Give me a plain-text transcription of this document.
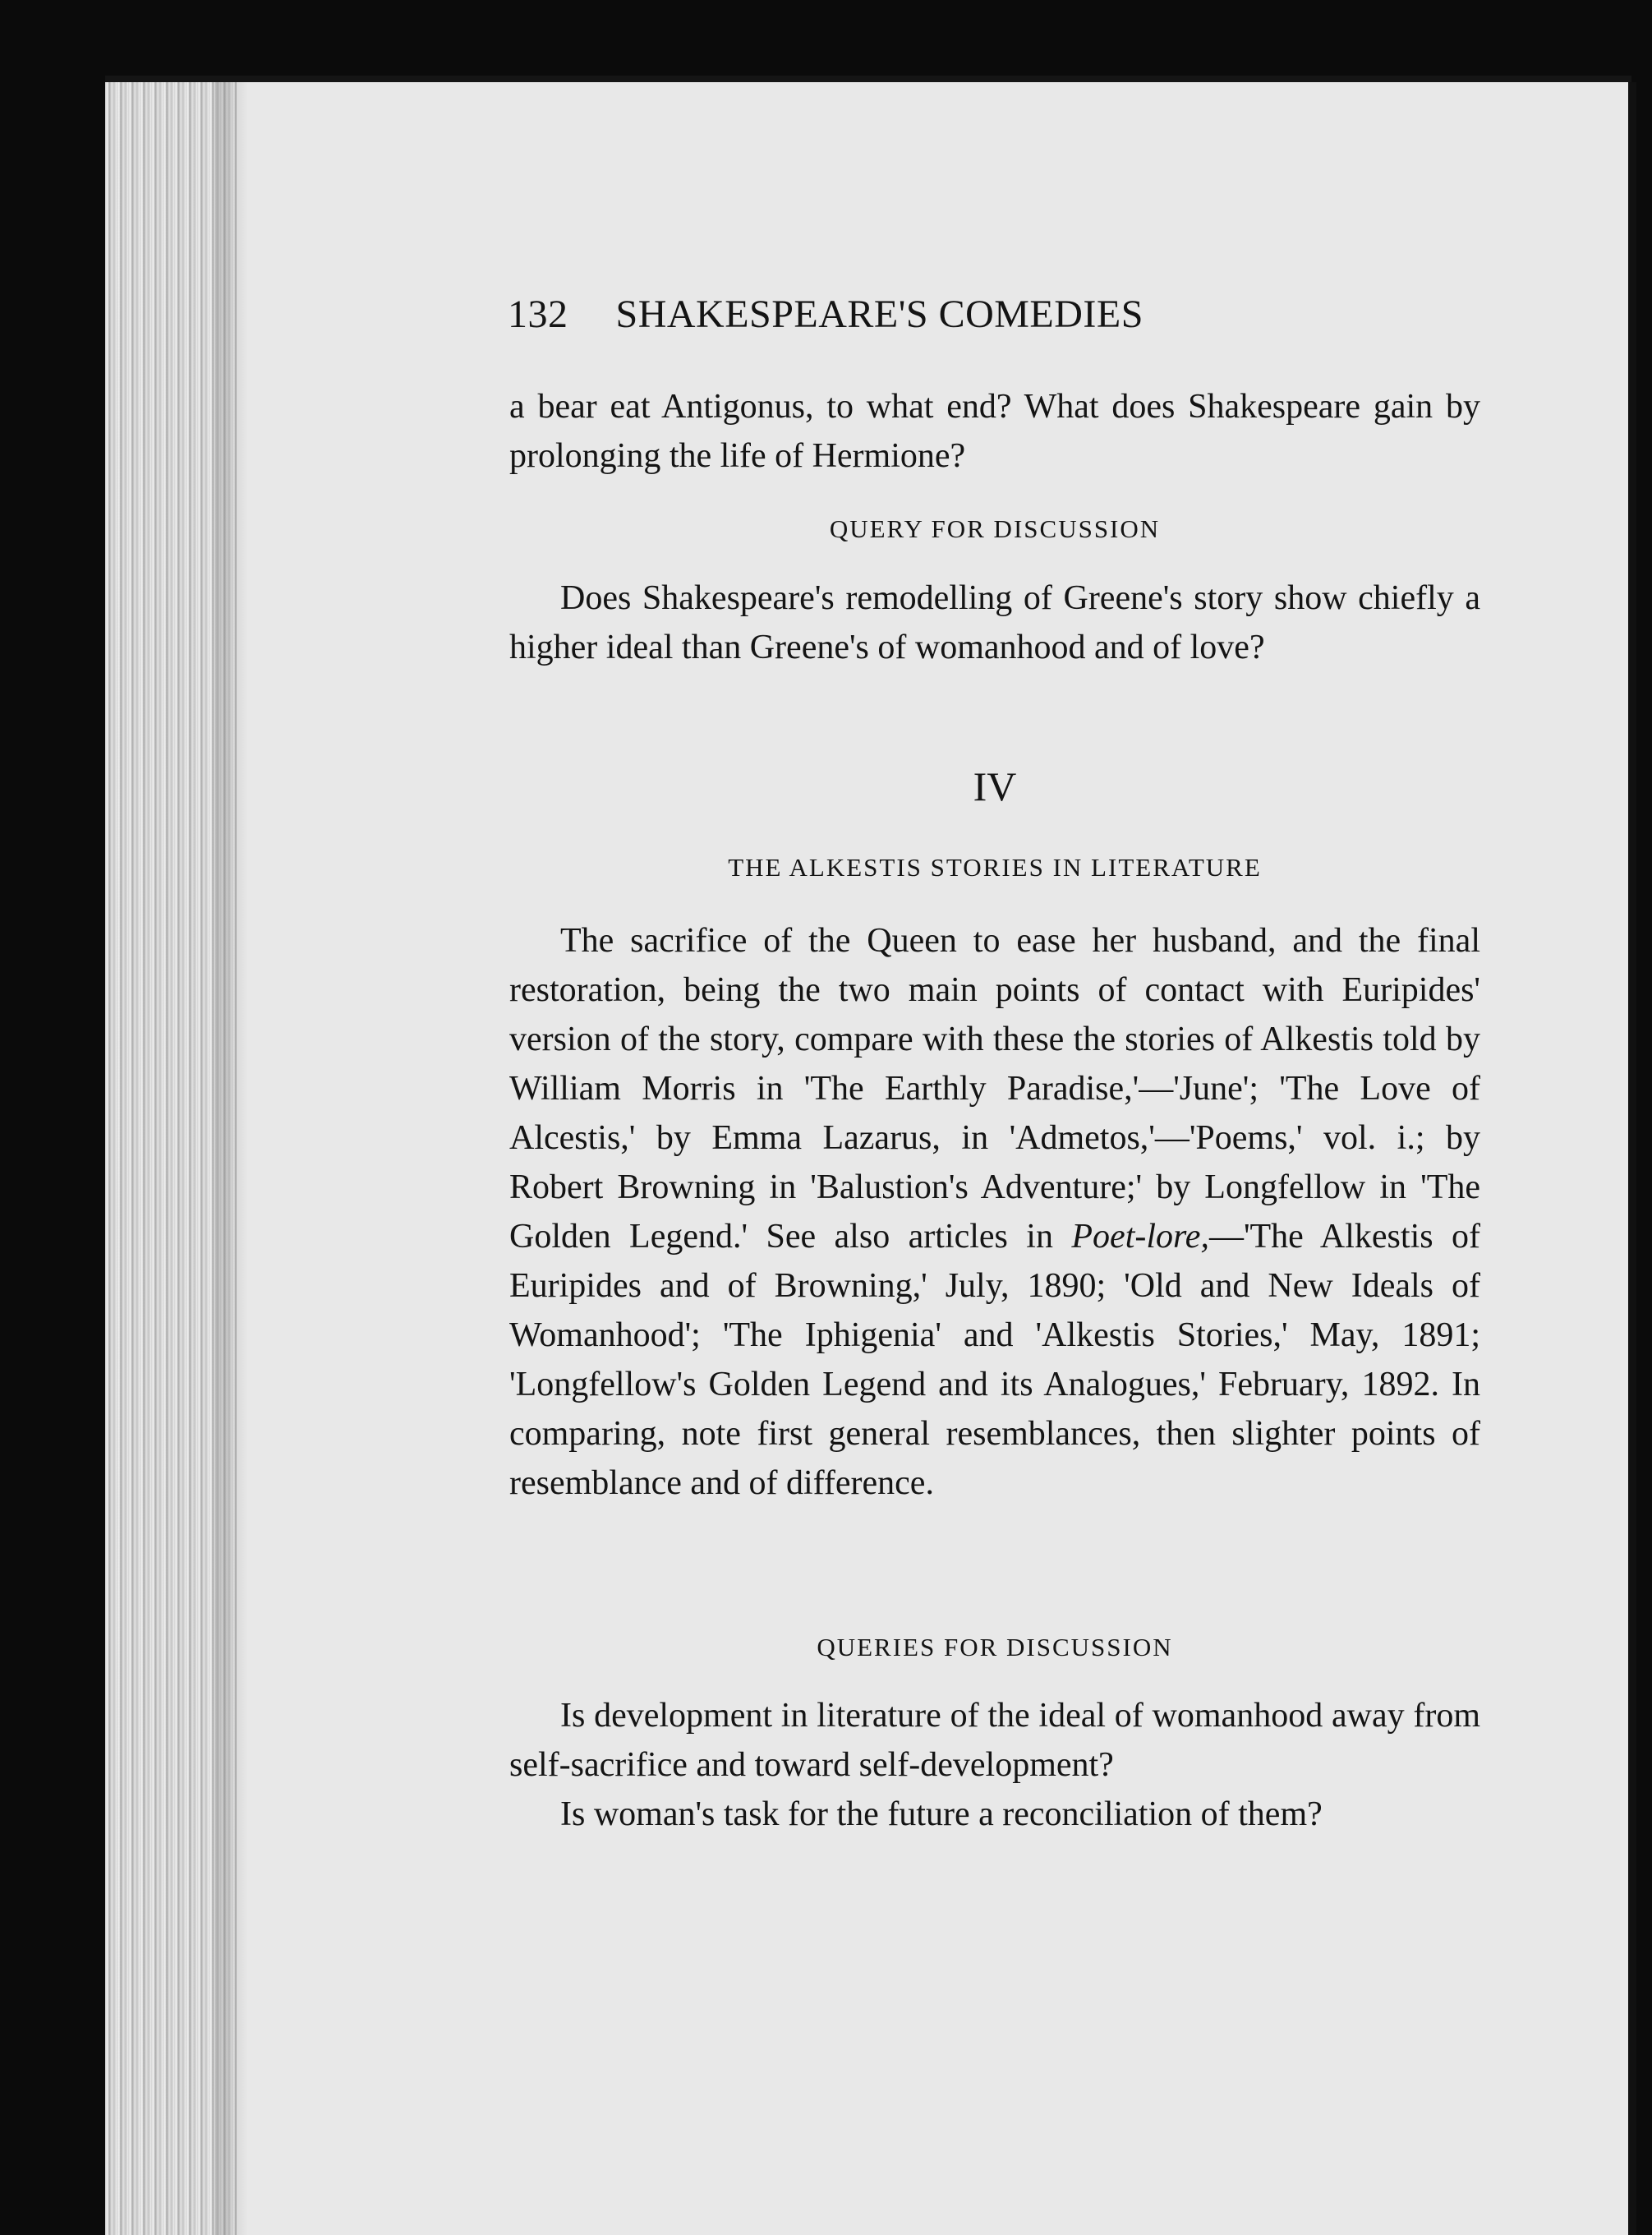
132 SHAKESPEARE'S COMEDIES

a bear eat Antigonus, to what end? What does Shakespeare gain by prolonging the life of Hermione?

QUERY FOR DISCUSSION

Does Shakespeare's remodelling of Greene's story show chiefly a higher ideal than Greene's of womanhood and of love?

IV
THE ALKESTIS STORIES IN LITERATURE

The sacrifice of the Queen to ease her husband, and the final restoration, being the two main points of contact with Euripides' version of the story, compare with these the stories of Alkestis told by William Morris in 'The Earthly Paradise,'—'June'; 'The Love of Alcestis,' by Emma Lazarus, in 'Admetos,'—'Poems,' vol. i.; by Robert Browning in 'Balustion's Adventure;' by Longfellow in 'The Golden Legend.' See also articles in Poet-lore,—'The Alkestis of Euripides and of Browning,' July, 1890; 'Old and New Ideals of Womanhood'; 'The Iphigenia' and 'Alkestis Stories,' May, 1891; 'Longfellow's Golden Legend and its Analogues,' February, 1892. In comparing, note first general resemblances, then slighter points of resemblance and of difference.

QUERIES FOR DISCUSSION

Is development in literature of the ideal of womanhood away from self-sacrifice and toward self-development?

Is woman's task for the future a reconciliation of them?
